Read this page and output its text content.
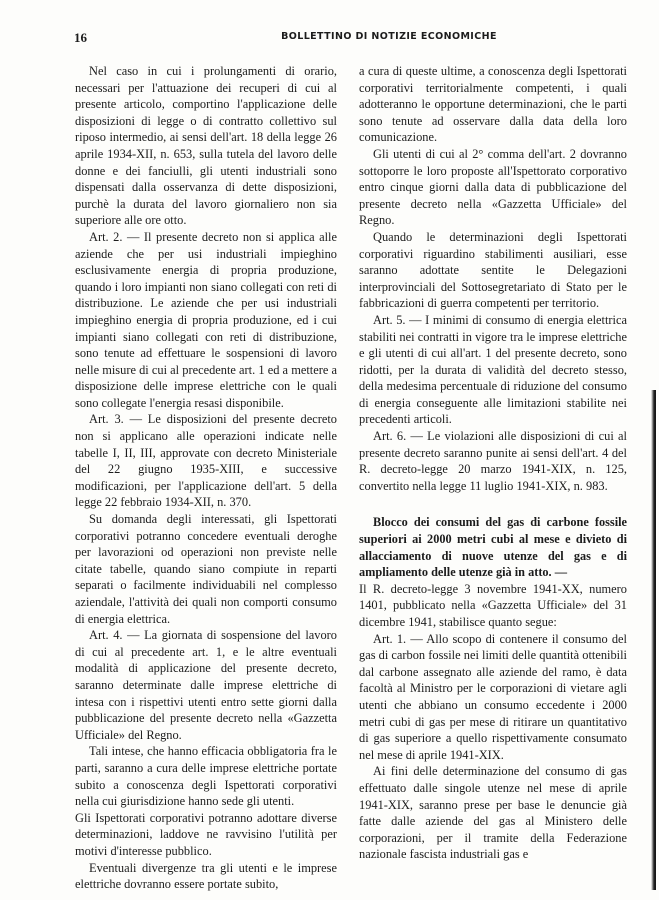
16	BOLLETTINO DI NOTIZIE ECONOMICHE

Nel caso in cui i prolungamenti di orario, necessari per l'attuazione dei recuperi di cui al presente articolo, comportino l'applicazione delle disposizioni di legge o di contratto collettivo sul riposo intermedio, ai sensi dell'art. 18 della legge 26 aprile 1934-XII, n. 653, sulla tutela del lavoro delle donne e dei fanciulli, gli utenti industriali sono dispensati dalla osservanza di dette disposizioni, purchè la durata del lavoro giornaliero non sia superiore alle ore otto.

Art. 2. — Il presente decreto non si applica alle aziende che per usi industriali impieghino esclusivamente energia di propria produzione, quando i loro impianti non siano collegati con reti di distribuzione. Le aziende che per usi industriali impieghino energia di propria produzione, ed i cui impianti siano collegati con reti di distribuzione, sono tenute ad effettuare le sospensioni di lavoro nelle misure di cui al precedente art. 1 ed a mettere a disposizione delle imprese elettriche con le quali sono collegate l'energia resasi disponibile.

Art. 3. — Le disposizioni del presente decreto non si applicano alle operazioni indicate nelle tabelle I, II, III, approvate con decreto Ministeriale del 22 giugno 1935-XIII, e successive modificazioni, per l'applicazione dell'art. 5 della legge 22 febbraio 1934-XII, n. 370.

Su domanda degli interessati, gli Ispettorati corporativi potranno concedere eventuali deroghe per lavorazioni od operazioni non previste nelle citate tabelle, quando siano compiute in reparti separati o facilmente individuabili nel complesso aziendale, l'attività dei quali non comporti consumo di energia elettrica.

Art. 4. — La giornata di sospensione del lavoro di cui al precedente art. 1, e le altre eventuali modalità di applicazione del presente decreto, saranno determinate dalle imprese elettriche di intesa con i rispettivi utenti entro sette giorni dalla pubblicazione del presente decreto nella «Gazzetta Ufficiale» del Regno.

Tali intese, che hanno efficacia obbligatoria fra le parti, saranno a cura delle imprese elettriche portate subito a conoscenza degli Ispettorati corporativi nella cui giurisdizione hanno sede gli utenti.

Gli Ispettorati corporativi potranno adottare diverse determinazioni, laddove ne ravvisino l'utilità per motivi d'interesse pubblico.

Eventuali divergenze tra gli utenti e le imprese elettriche dovranno essere portate subito,

a cura di queste ultime, a conoscenza degli Ispettorati corporativi territorialmente competenti, i quali adotteranno le opportune determinazioni, che le parti sono tenute ad osservare dalla data della loro comunicazione.

Gli utenti di cui al 2° comma dell'art. 2 dovranno sottoporre le loro proposte all'Ispettorato corporativo entro cinque giorni dalla data di pubblicazione del presente decreto nella «Gazzetta Ufficiale» del Regno.

Quando le determinazioni degli Ispettorati corporativi riguardino stabilimenti ausiliari, esse saranno adottate sentite le Delegazioni interprovinciali del Sottosegretariato di Stato per le fabbricazioni di guerra competenti per territorio.

Art. 5. — I minimi di consumo di energia elettrica stabiliti nei contratti in vigore tra le imprese elettriche e gli utenti di cui all'art. 1 del presente decreto, sono ridotti, per la durata di validità del decreto stesso, della medesima percentuale di riduzione del consumo di energia conseguente alle limitazioni stabilite nei precedenti articoli.

Art. 6. — Le violazioni alle disposizioni di cui al presente decreto saranno punite ai sensi dell'art. 4 del R. decreto-legge 20 marzo 1941-XIX, n. 125, convertito nella legge 11 luglio 1941-XIX, n. 983.

Blocco dei consumi del gas di carbone fossile superiori ai 2000 metri cubi al mese e divieto di allacciamento di nuove utenze del gas e di ampliamento delle utenze già in atto. —

Il R. decreto-legge 3 novembre 1941-XX, numero 1401, pubblicato nella «Gazzetta Ufficiale» del 31 dicembre 1941, stabilisce quanto segue:

Art. 1. — Allo scopo di contenere il consumo del gas di carbon fossile nei limiti delle quantità ottenibili dal carbone assegnato alle aziende del ramo, è data facoltà al Ministro per le corporazioni di vietare agli utenti che abbiano un consumo eccedente i 2000 metri cubi di gas per mese di ritirare un quantitativo di gas superiore a quello rispettivamente consumato nel mese di aprile 1941-XIX.

Ai fini delle determinazione del consumo di gas effettuato dalle singole utenze nel mese di aprile 1941-XIX, saranno prese per base le denuncie già fatte dalle aziende del gas al Ministero delle corporazioni, per il tramite della Federazione nazionale fascista industriali gas e
